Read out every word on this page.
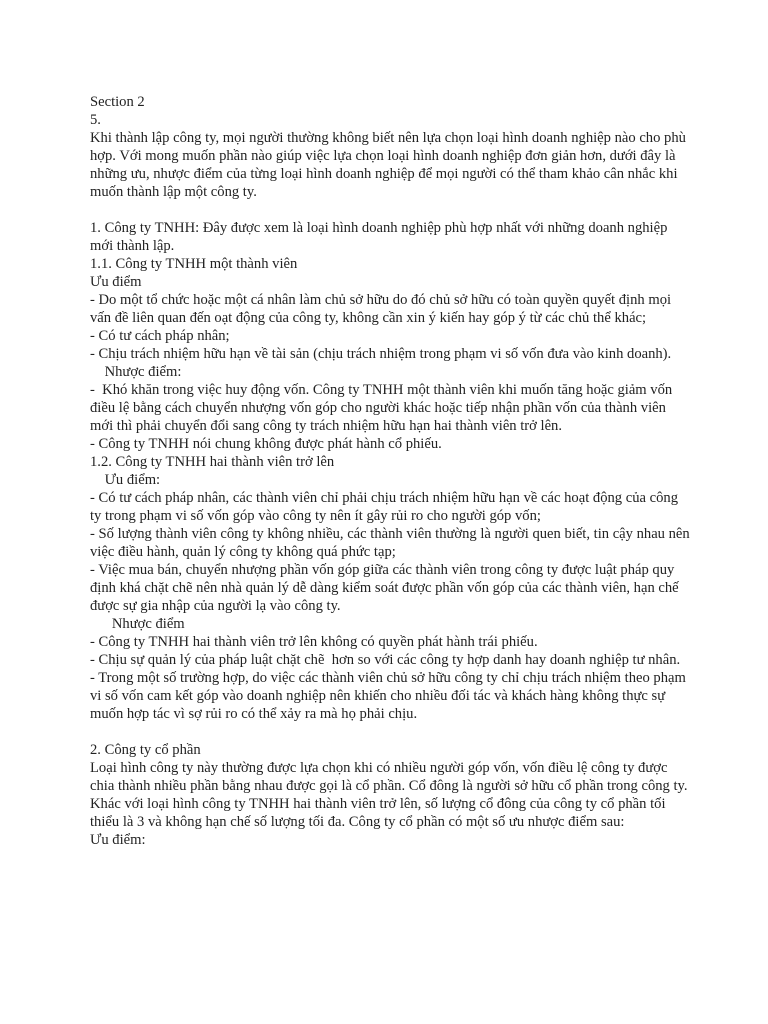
Section 2

5.

Khi thành lập công ty, mọi người thường không biết nên lựa chọn loại hình doanh nghiệp nào cho phù hợp. Với mong muốn phần nào giúp việc lựa chọn loại hình doanh nghiệp đơn giản hơn, dưới đây là những ưu, nhược điểm của từng loại hình doanh nghiệp để mọi người có thể tham khảo cân nhắc khi muốn thành lập một công ty.

1. Công ty TNHH: Đây được xem là loại hình doanh nghiệp phù hợp nhất với những doanh nghiệp mới thành lập.

1.1. Công ty TNHH một thành viên

Ưu điểm

- Do một tổ chức hoặc một cá nhân làm chủ sở hữu do đó chủ sở hữu có toàn quyền quyết định mọi vấn đề liên quan đến oạt động của công ty, không cần xin ý kiến hay góp ý từ các chủ thể khác;

- Có tư cách pháp nhân;

- Chịu trách nhiệm hữu hạn về tài sản (chịu trách nhiệm trong phạm vi số vốn đưa vào kinh doanh).

Nhược điểm:

-  Khó khăn trong việc huy động vốn. Công ty TNHH một thành viên khi muốn tăng hoặc giảm vốn điều lệ bằng cách chuyển nhượng vốn góp cho người khác hoặc tiếp nhận phần vốn của thành viên mới thì phải chuyển đổi sang công ty trách nhiệm hữu hạn hai thành viên trở lên.

- Công ty TNHH nói chung không được phát hành cổ phiếu.

1.2. Công ty TNHH hai thành viên trở lên

Ưu điểm:

- Có tư cách pháp nhân, các thành viên chỉ phải chịu trách nhiệm hữu hạn về các hoạt động của công ty trong phạm vi số vốn góp vào công ty nên ít gây rủi ro cho người góp vốn;

- Số lượng thành viên công ty không nhiều, các thành viên thường là người quen biết, tin cậy nhau nên việc điều hành, quản lý công ty không quá phức tạp;

- Việc mua bán, chuyển nhượng phần vốn góp giữa các thành viên trong công ty được luật pháp quy định khá chặt chẽ nên nhà quản lý dễ dàng kiểm soát được phần vốn góp của các thành viên, hạn chế được sự gia nhập của người lạ vào công ty.

Nhược điểm

- Công ty TNHH hai thành viên trở lên không có quyền phát hành trái phiếu.

- Chịu sự quản lý của pháp luật chặt chẽ  hơn so với các công ty hợp danh hay doanh nghiệp tư nhân.

- Trong một số trường hợp, do việc các thành viên chủ sở hữu công ty chỉ chịu trách nhiệm theo phạm vi số vốn cam kết góp vào doanh nghiệp nên khiến cho nhiều đối tác và khách hàng không thực sự muốn hợp tác vì sợ rủi ro có thể xảy ra mà họ phải chịu.

2. Công ty cổ phần

Loại hình công ty này thường được lựa chọn khi có nhiều người góp vốn, vốn điều lệ công ty được chia thành nhiều phần bằng nhau được gọi là cổ phần. Cổ đông là người sở hữu cổ phần trong công ty.

Khác với loại hình công ty TNHH hai thành viên trở lên, số lượng cổ đông của công ty cổ phần tối thiểu là 3 và không hạn chế số lượng tối đa. Công ty cổ phần có một số ưu nhược điểm sau:

Ưu điểm:
